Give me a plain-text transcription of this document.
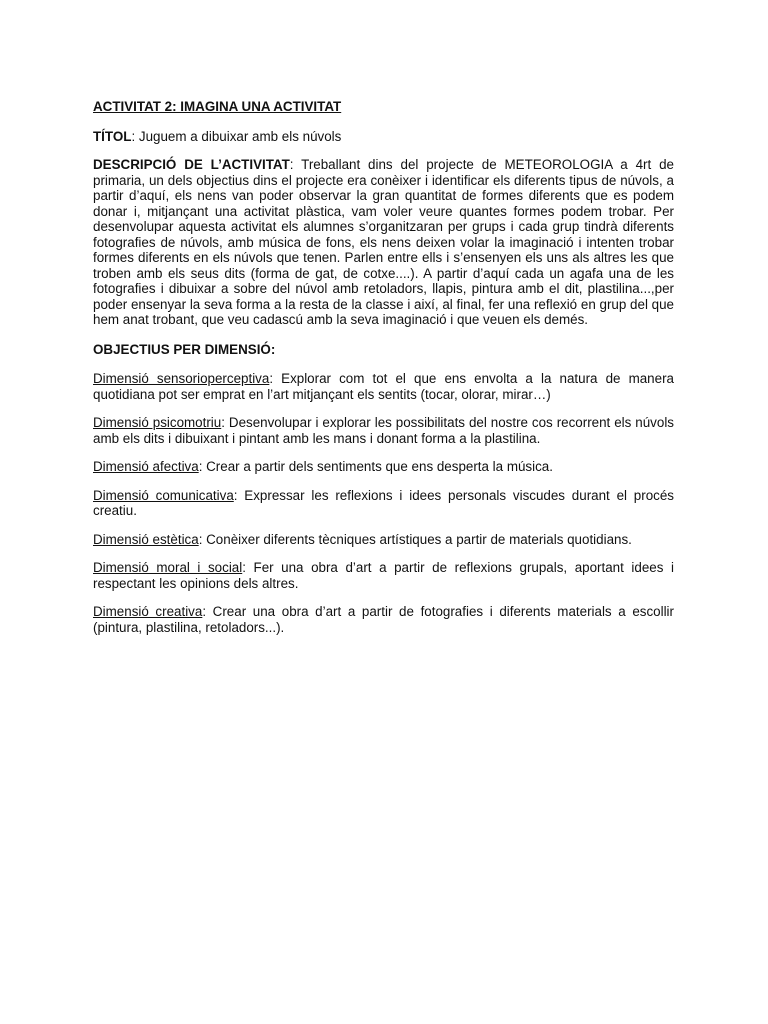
ACTIVITAT 2: IMAGINA UNA ACTIVITAT

TÍTOL: Juguem a dibuixar amb els núvols

DESCRIPCIÓ DE L’ACTIVITAT: Treballant dins del projecte de METEOROLOGIA a 4rt de primaria, un dels objectius dins el projecte era conèixer i identificar els diferents tipus de núvols, a partir d’aquí, els nens van poder observar la gran quantitat de formes diferents que es podem donar i, mitjançant una activitat plàstica, vam voler veure quantes formes podem trobar. Per desenvolupar aquesta activitat els alumnes s’organitzaran per grups i cada grup tindrà diferents fotografies de núvols, amb música de fons, els nens deixen volar la imaginació i intenten trobar formes diferents en els núvols que tenen. Parlen entre ells i s’ensenyen els uns als altres les que troben amb els seus dits (forma de gat, de cotxe....). A partir d’aquí cada un agafa una de les fotografies i dibuixar a sobre del núvol amb retoladors, llapis, pintura amb el dit, plastilina...,per poder ensenyar la seva forma a la resta de la classe i així, al final, fer una reflexió en grup del que hem anat trobant, que veu cadascú amb la seva imaginació i que veuen els demés.

OBJECTIUS PER DIMENSIÓ:

Dimensió sensorioperceptiva: Explorar com tot el que ens envolta a la natura de manera quotidiana pot ser emprat en l’art mitjançant els sentits (tocar, olorar, mirar…)

Dimensió psicomotriu: Desenvolupar i explorar les possibilitats del nostre cos recorrent els núvols amb els dits i dibuixant i pintant amb les mans i donant forma a la plastilina.

Dimensió afectiva: Crear a partir dels sentiments que ens desperta la música.

Dimensió comunicativa: Expressar les reflexions i idees personals viscudes durant el procés creatiu.

Dimensió estètica: Conèixer diferents tècniques artístiques a partir de materials quotidians.

Dimensió moral i social: Fer una obra d’art a partir de reflexions grupals, aportant idees i respectant les opinions dels altres.

Dimensió creativa: Crear una obra d’art a partir de fotografies i diferents materials a escollir (pintura, plastilina, retoladors...).
